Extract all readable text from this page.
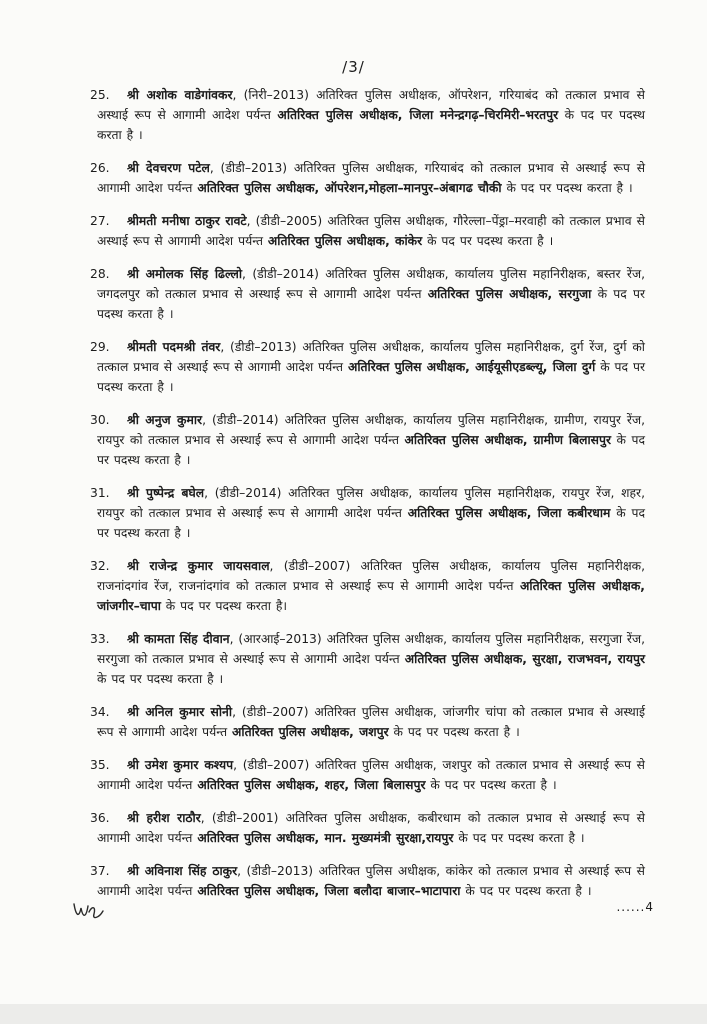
/3/

25. श्री अशोक वाडेगांवकर, (निरी–2013) अतिरिक्त पुलिस अधीक्षक, ऑपरेशन, गरियाबंद को तत्काल प्रभाव से अस्थाई रूप से आगामी आदेश पर्यन्त अतिरिक्त पुलिस अधीक्षक, जिला मनेन्द्रगढ़–चिरमिरी–भरतपुर के पद पर पदस्थ करता है ।

26. श्री देवचरण पटेल, (डीडी–2013) अतिरिक्त पुलिस अधीक्षक, गरियाबंद को तत्काल प्रभाव से अस्थाई रूप से आगामी आदेश पर्यन्त अतिरिक्त पुलिस अधीक्षक, ऑपरेशन,मोहला–मानपुर–अंबागढ चौकी के पद पर पदस्थ करता है ।

27. श्रीमती मनीषा ठाकुर रावटे, (डीडी–2005) अतिरिक्त पुलिस अधीक्षक, गौरेल्ला–पेंड्रा–मरवाही को तत्काल प्रभाव से अस्थाई रूप से आगामी आदेश पर्यन्त अतिरिक्त पुलिस अधीक्षक, कांकेर के पद पर पदस्थ करता है ।

28. श्री अमोलक सिंह ढिल्लो, (डीडी–2014) अतिरिक्त पुलिस अधीक्षक, कार्यालय पुलिस महानिरीक्षक, बस्तर रेंज, जगदलपुर को तत्काल प्रभाव से अस्थाई रूप से आगामी आदेश पर्यन्त अतिरिक्त पुलिस अधीक्षक, सरगुजा के पद पर पदस्थ करता है ।

29. श्रीमती पदमश्री तंवर, (डीडी–2013) अतिरिक्त पुलिस अधीक्षक, कार्यालय पुलिस महानिरीक्षक, दुर्ग रेंज, दुर्ग को तत्काल प्रभाव से अस्थाई रूप से आगामी आदेश पर्यन्त अतिरिक्त पुलिस अधीक्षक, आईयूसीएडब्ल्यू, जिला दुर्ग के पद पर पदस्थ करता है ।

30. श्री अनुज कुमार, (डीडी–2014) अतिरिक्त पुलिस अधीक्षक, कार्यालय पुलिस महानिरीक्षक, ग्रामीण, रायपुर रेंज, रायपुर को तत्काल प्रभाव से अस्थाई रूप से आगामी आदेश पर्यन्त अतिरिक्त पुलिस अधीक्षक, ग्रामीण बिलासपुर के पद पर पदस्थ करता है ।

31. श्री पुष्पेन्द्र बघेल, (डीडी–2014) अतिरिक्त पुलिस अधीक्षक, कार्यालय पुलिस महानिरीक्षक, रायपुर रेंज, शहर, रायपुर को तत्काल प्रभाव से अस्थाई रूप से आगामी आदेश पर्यन्त अतिरिक्त पुलिस अधीक्षक, जिला कबीरधाम के पद पर पदस्थ करता है ।

32. श्री राजेन्द्र कुमार जायसवाल, (डीडी–2007) अतिरिक्त पुलिस अधीक्षक, कार्यालय पुलिस महानिरीक्षक, राजनांदगांव रेंज, राजनांदगांव को तत्काल प्रभाव से अस्थाई रूप से आगामी आदेश पर्यन्त अतिरिक्त पुलिस अधीक्षक, जांजगीर–चापा के पद पर पदस्थ करता है।

33. श्री कामता सिंह दीवान, (आरआई–2013) अतिरिक्त पुलिस अधीक्षक, कार्यालय पुलिस महानिरीक्षक, सरगुजा रेंज, सरगुजा को तत्काल प्रभाव से अस्थाई रूप से आगामी आदेश पर्यन्त अतिरिक्त पुलिस अधीक्षक, सुरक्षा, राजभवन, रायपुर के पद पर पदस्थ करता है ।

34. श्री अनिल कुमार सोनी, (डीडी–2007) अतिरिक्त पुलिस अधीक्षक, जांजगीर चांपा को तत्काल प्रभाव से अस्थाई रूप से आगामी आदेश पर्यन्त अतिरिक्त पुलिस अधीक्षक, जशपुर के पद पर पदस्थ करता है ।

35. श्री उमेश कुमार कश्यप, (डीडी–2007) अतिरिक्त पुलिस अधीक्षक, जशपुर को तत्काल प्रभाव से अस्थाई रूप से आगामी आदेश पर्यन्त अतिरिक्त पुलिस अधीक्षक, शहर, जिला बिलासपुर के पद पर पदस्थ करता है ।

36. श्री हरीश राठौर, (डीडी–2001) अतिरिक्त पुलिस अधीक्षक, कबीरधाम को तत्काल प्रभाव से अस्थाई रूप से आगामी आदेश पर्यन्त अतिरिक्त पुलिस अधीक्षक, मान. मुख्यमंत्री सुरक्षा,रायपुर के पद पर पदस्थ करता है ।

37. श्री अविनाश सिंह ठाकुर, (डीडी–2013) अतिरिक्त पुलिस अधीक्षक, कांकेर को तत्काल प्रभाव से अस्थाई रूप से आगामी आदेश पर्यन्त अतिरिक्त पुलिस अधीक्षक, जिला बलौदा बाजार–भाटापारा के पद पर पदस्थ करता है ।

......4
